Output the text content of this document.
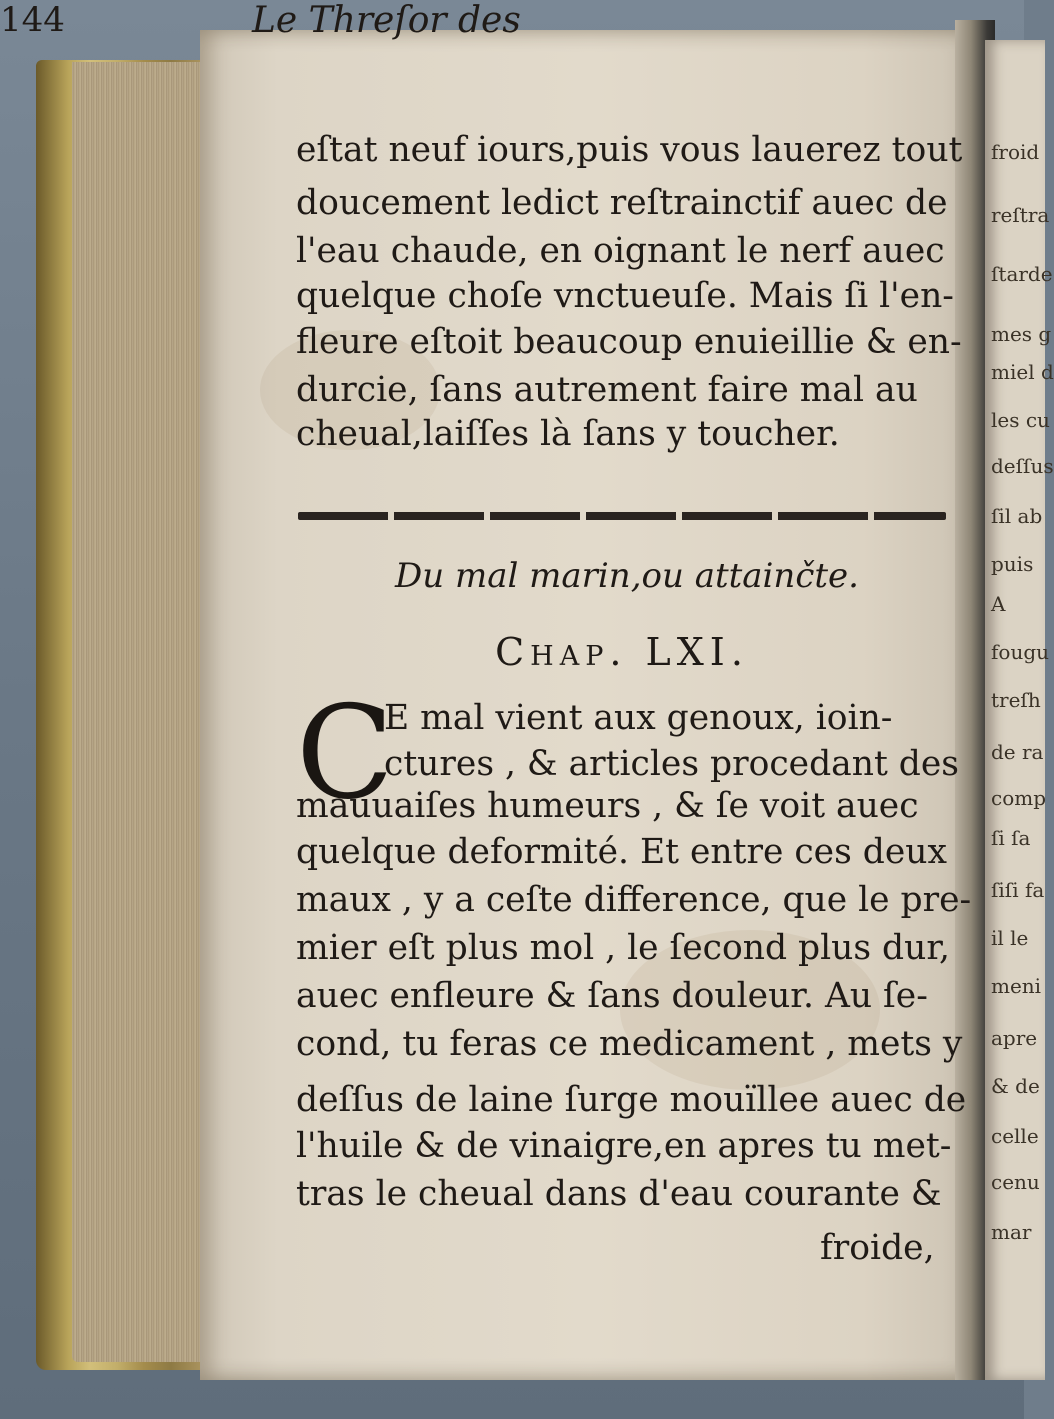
froid
reſtra
ſtarde
mes g
miel d
les cu
deſſus
ſil ab
puis
A
fougu
treſh
de ra
comp
ſi ſa
ſiſi fa
il le
meni
apre
& de
celle
cenu
mar
144	Le Threſor des
eſtat neuf iours,puis vous lauerez tout
doucement ledict reſtrainctif auec de
l'eau chaude, en oignant le nerf auec
quelque choſe vnctueuſe. Mais ſi l'en-
fleure eſtoit beaucoup enuieillie & en-
durcie, ſans autrement faire mal au
cheual,laiſſes là ſans y toucher.
Du mal marin,ou attainčte.
Chap. LXI.
C
E mal vient aux genoux, ioin-
ctures , & articles procedant des
mauuaiſes humeurs , & ſe voit auec
quelque deformité. Et entre ces deux
maux , y a ceſte difference, que le pre-
mier eſt plus mol , le ſecond plus dur,
auec enfleure & ſans douleur. Au ſe-
cond, tu feras ce medicament , mets y
deſſus de laine ſurge mouïllee auec de
l'huile & de vinaigre,en apres tu met-
tras le cheual dans d'eau courante &
froide,
